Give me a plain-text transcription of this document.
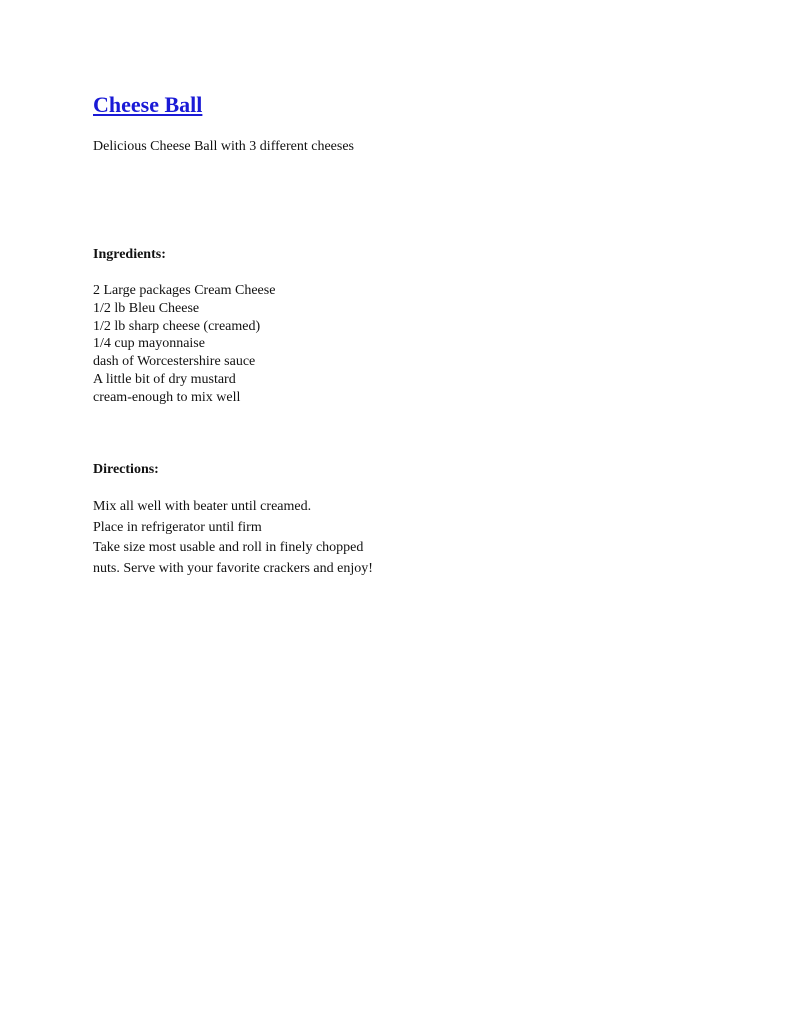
Cheese Ball

Delicious Cheese Ball with 3 different cheeses

Ingredients:
2 Large packages Cream Cheese
1/2 lb Bleu Cheese
1/2 lb sharp cheese (creamed)
1/4 cup mayonnaise
dash of Worcestershire sauce
A little bit of dry mustard
cream-enough to mix well
Directions:
Mix all well with beater until creamed.
Place in refrigerator until firm
Take size most usable and roll in finely chopped
nuts. Serve with your favorite crackers and enjoy!
